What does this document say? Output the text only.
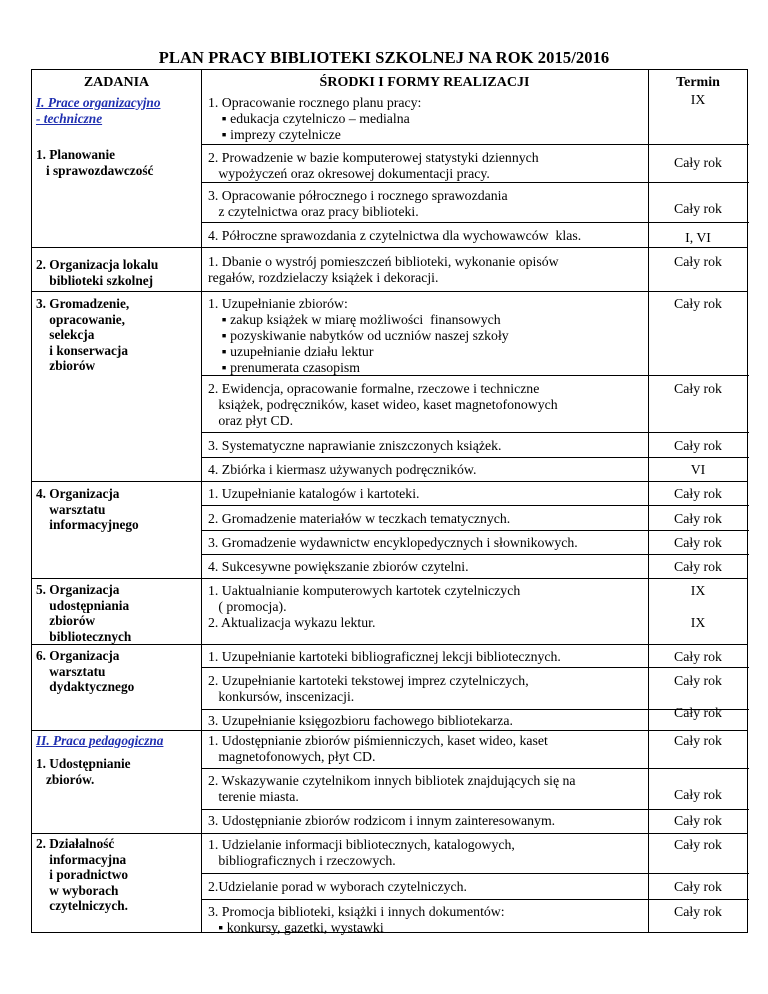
PLAN PRACY BIBLIOTEKI SZKOLNEJ NA ROK 2015/2016
ZADANIA	ŚRODKI I FORMY REALIZACJI	Termin
I. Prace organizacyjno
- techniczne
1. Planowanie
i sprawozdawczość
2. Organizacja lokalu
biblioteki szkolnej
3. Gromadzenie,
opracowanie,
selekcja
i konserwacja
zbiorów
4. Organizacja
warsztatu
informacyjnego
5. Organizacja
udostępniania
zbiorów
bibliotecznych
6. Organizacja
warsztatu
dydaktycznego
II. Praca pedagogiczna
1. Udostępnianie
zbiorów.
2. Działalność
informacyjna
i poradnictwo
w wyborach
czytelniczych.
1. Opracowanie rocznego planu pracy:
▪ edukacja czytelniczo – medialna
▪ imprezy czytelnicze
2. Prowadzenie w bazie komputerowej statystyki dziennych
wypożyczeń oraz okresowej dokumentacji pracy.
3. Opracowanie półrocznego i rocznego sprawozdania
z czytelnictwa oraz pracy biblioteki.
4. Półroczne sprawozdania z czytelnictwa dla wychowawców  klas.
1. Dbanie o wystrój pomieszczeń biblioteki, wykonanie opisów
regałów, rozdzielaczy książek i dekoracji.
1. Uzupełnianie zbiorów:
▪ zakup książek w miarę możliwości  finansowych
▪ pozyskiwanie nabytków od uczniów naszej szkoły
▪ uzupełnianie działu lektur
▪ prenumerata czasopism
2. Ewidencja, opracowanie formalne, rzeczowe i techniczne
książek, podręczników, kaset wideo, kaset magnetofonowych
oraz płyt CD.
3. Systematyczne naprawianie zniszczonych książek.
4. Zbiórka i kiermasz używanych podręczników.
1. Uzupełnianie katalogów i kartoteki.
2. Gromadzenie materiałów w teczkach tematycznych.
3. Gromadzenie wydawnictw encyklopedycznych i słownikowych.
4. Sukcesywne powiększanie zbiorów czytelni.
1. Uaktualnianie komputerowych kartotek czytelniczych
( promocja).
2. Aktualizacja wykazu lektur.
1. Uzupełnianie kartoteki bibliograficznej lekcji bibliotecznych.
2. Uzupełnianie kartoteki tekstowej imprez czytelniczych,
konkursów, inscenizacji.
3. Uzupełnianie księgozbioru fachowego bibliotekarza.
1. Udostępnianie zbiorów piśmienniczych, kaset wideo, kaset
magnetofonowych, płyt CD.
2. Wskazywanie czytelnikom innych bibliotek znajdujących się na
terenie miasta.
3. Udostępnianie zbiorów rodzicom i innym zainteresowanym.
1. Udzielanie informacji bibliotecznych, katalogowych,
bibliograficznych i rzeczowych.
2.Udzielanie porad w wyborach czytelniczych.
3. Promocja biblioteki, książki i innych dokumentów:
▪ konkursy, gazetki, wystawki
IX
Cały rok
Cały rok
I, VI
Cały rok
Cały rok
Cały rok
Cały rok
VI
Cały rok
Cały rok
Cały rok
Cały rok
IX
IX
Cały rok
Cały rok
Cały rok
Cały rok
Cały rok
Cały rok
Cały rok
Cały rok
Cały rok
